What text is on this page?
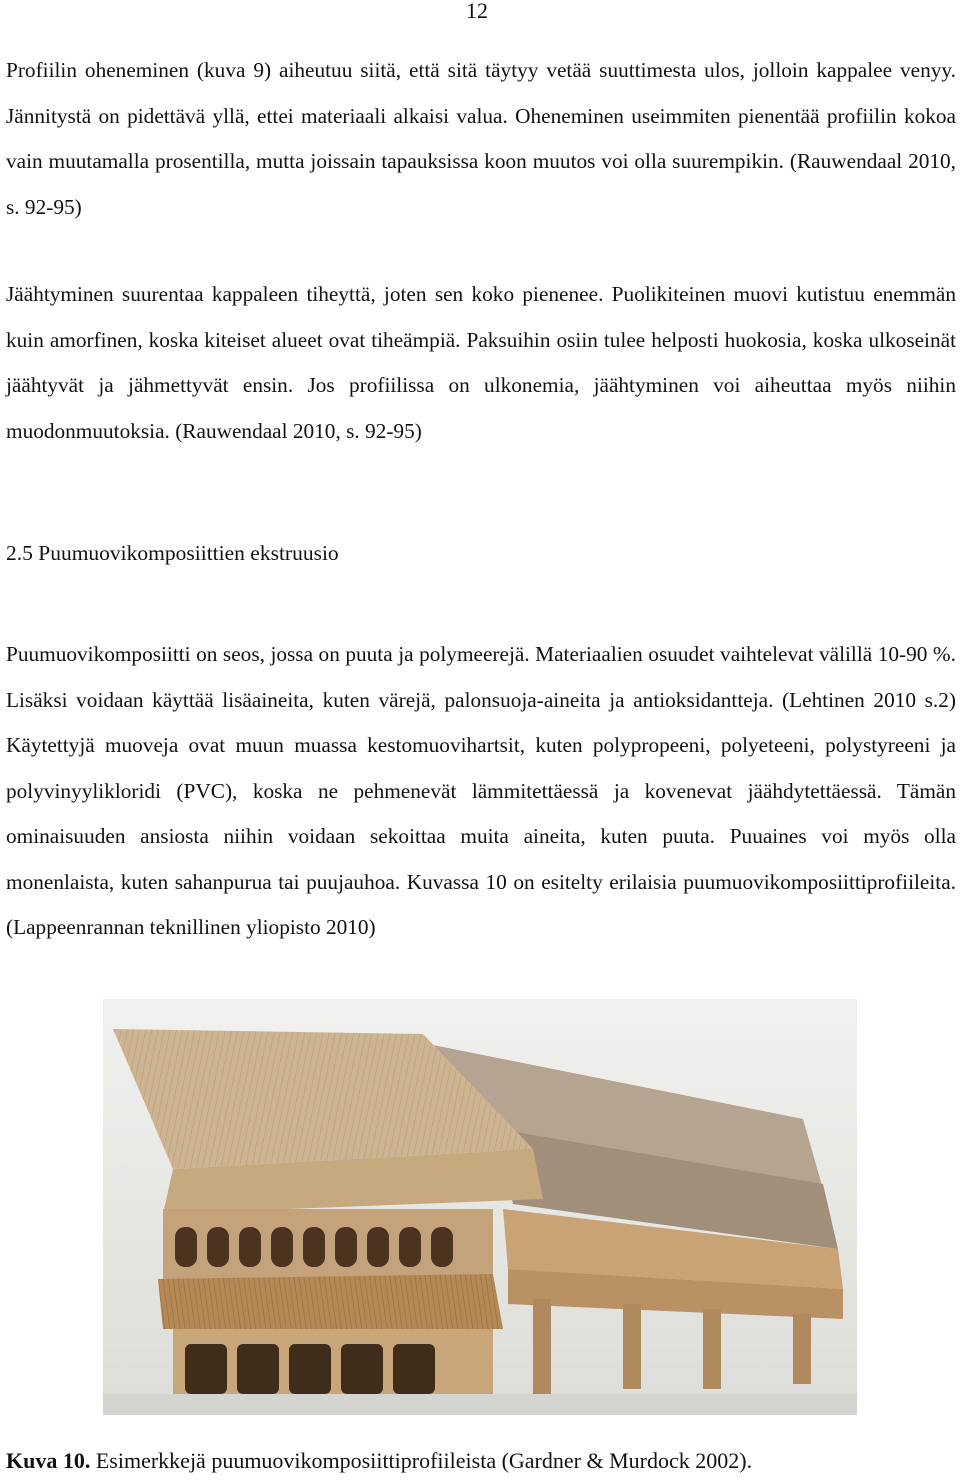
12

Profiilin oheneminen (kuva 9) aiheutuu siitä, että sitä täytyy vetää suuttimesta ulos, jolloin kappalee venyy. Jännitystä on pidettävä yllä, ettei materiaali alkaisi valua. Oheneminen useimmiten pienentää profiilin kokoa vain muutamalla prosentilla, mutta joissain tapauksissa koon muutos voi olla suurempikin. (Rauwendaal 2010, s. 92-95)

Jäähtyminen suurentaa kappaleen tiheyttä, joten sen koko pienenee. Puolikiteinen muovi kutistuu enemmän kuin amorfinen, koska kiteiset alueet ovat tiheämpiä. Paksuihin osiin tulee helposti huokosia, koska ulkoseinät jäähtyvät ja jähmettyvät ensin. Jos profiilissa on ulkonemia, jäähtyminen voi aiheuttaa myös niihin muodonmuutoksia. (Rauwendaal 2010, s. 92-95)

2.5 Puumuovikomposiittien ekstruusio

Puumuovikomposiitti on seos, jossa on puuta ja polymeerejä. Materiaalien osuudet vaihtelevat välillä 10-90 %. Lisäksi voidaan käyttää lisäaineita, kuten värejä, palonsuoja-aineita ja antioksidantteja. (Lehtinen 2010 s.2) Käytettyjä muoveja ovat muun muassa kestomuovihartsit, kuten polypropeeni, polyeteeni, polystyreeni ja polyvinyylikloridi (PVC), koska ne pehmenevät lämmitettäessä ja kovenevat jäähdytettäessä. Tämän ominaisuuden ansiosta niihin voidaan sekoittaa muita aineita, kuten puuta. Puuaines voi myös olla monenlaista, kuten sahanpurua tai puujauhoa. Kuvassa 10 on esitelty erilaisia puumuovikomposiittiprofiileita. (Lappeenrannan teknillinen yliopisto 2010)

Kuva 10. Esimerkkejä puumuovikomposiittiprofiileista (Gardner & Murdock 2002).
